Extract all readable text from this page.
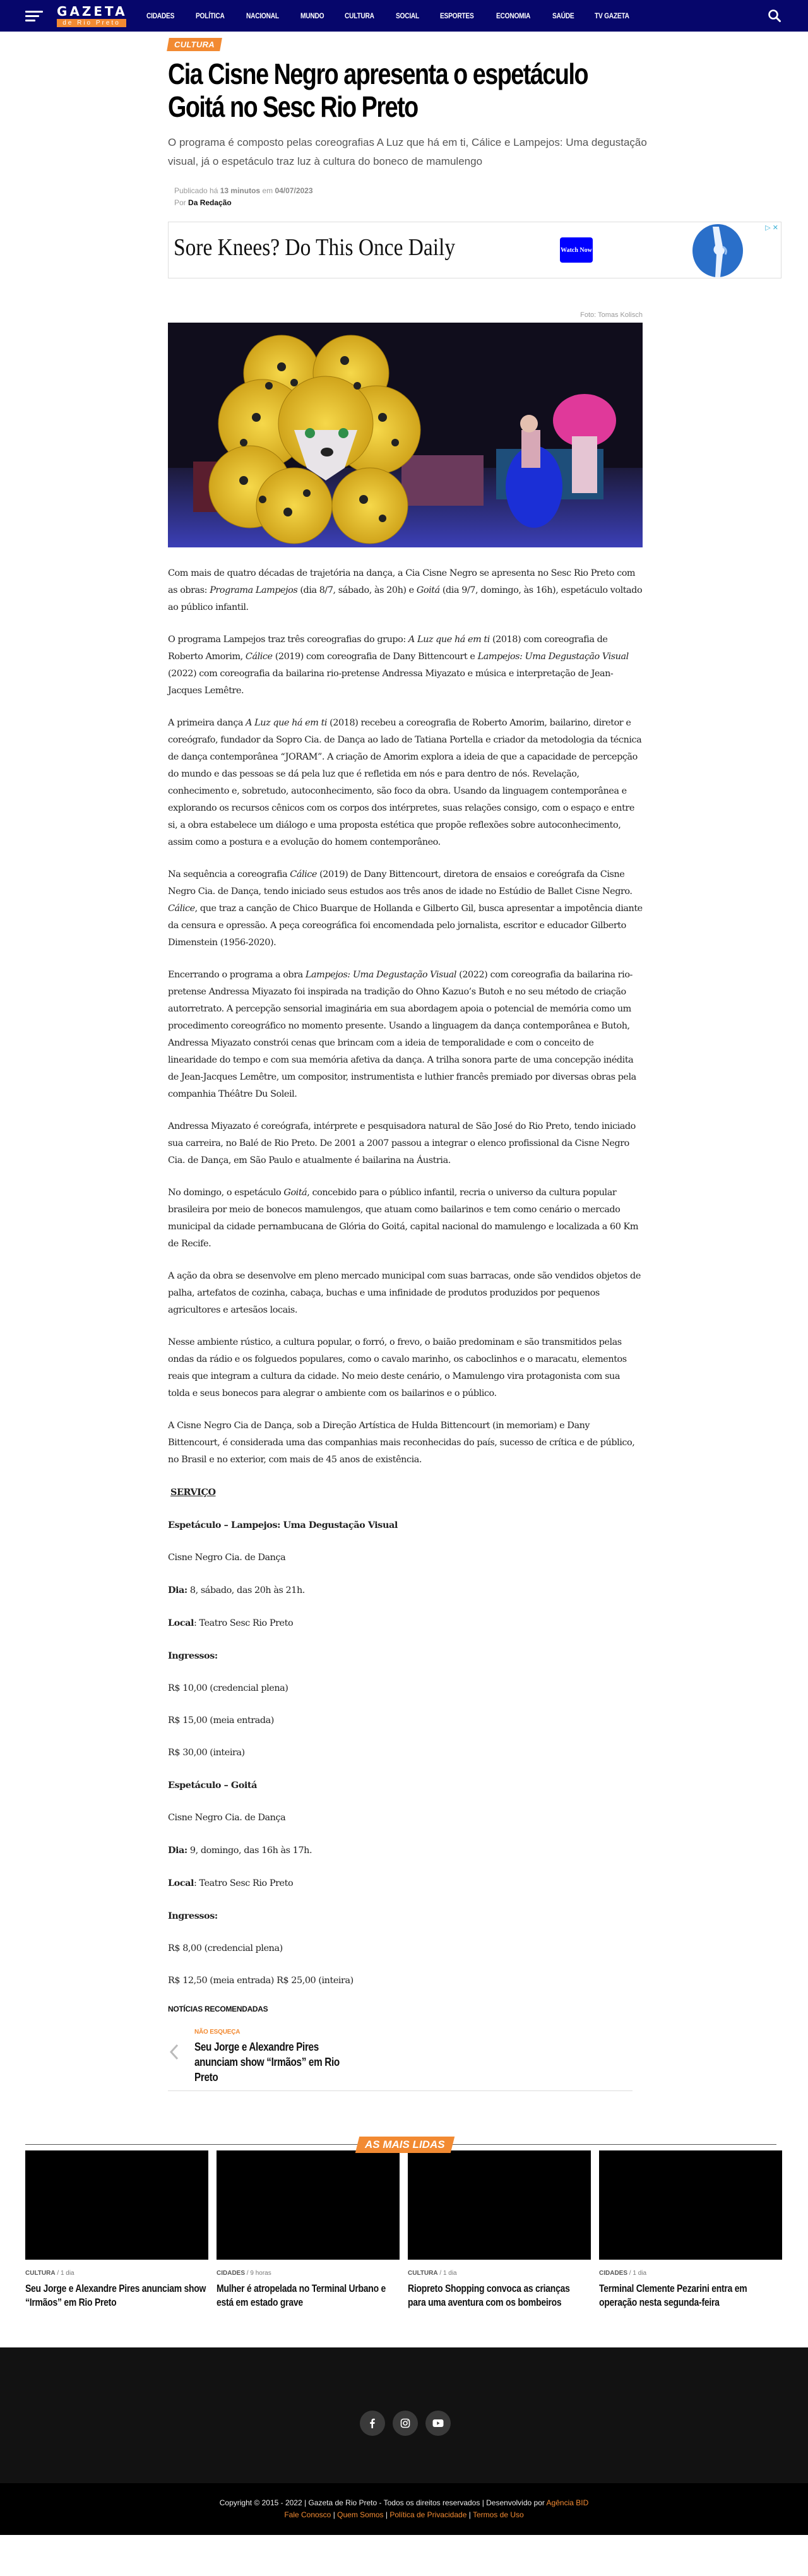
GAZETA
de Rio Preto
CIDADES	POLÍTICA	NACIONAL	MUNDO	CULTURA	SOCIAL	ESPORTES	ECONOMIA	SAÚDE	TV GAZETA
CULTURA
Cia Cisne Negro apresenta o espetáculo Goitá no Sesc Rio Preto

O programa é composto pelas coreografias A Luz que há em ti, Cálice e Lampejos: Uma degustação visual, já o espetáculo traz luz à cultura do boneco de mamulengo

Publicado há 13 minutos em 04/07/2023
Por Da Redação
Sore Knees? Do This Once Daily	Watch Now
▷ ✕
Foto: Tomas Kolisch

Com mais de quatro décadas de trajetória na dança, a Cia Cisne Negro se apresenta no Sesc Rio Preto com as obras: Programa Lampejos (dia 8/7, sábado, às 20h) e Goitá (dia 9/7, domingo, às 16h), espetáculo voltado ao público infantil.

O programa Lampejos traz três coreografias do grupo: A Luz que há em ti (2018) com coreografia de Roberto Amorim, Cálice (2019) com coreografia de Dany Bittencourt e Lampejos: Uma Degustação Visual (2022) com coreografia da bailarina rio-pretense Andressa Miyazato e música e interpretação de Jean-Jacques Lemêtre.

A primeira dança A Luz que há em ti (2018) recebeu a coreografia de Roberto Amorim, bailarino, diretor e coreógrafo, fundador da Sopro Cia. de Dança ao lado de Tatiana Portella e criador da metodologia da técnica de dança contemporânea “JORAM”. A criação de Amorim explora a ideia de que a capacidade de percepção do mundo e das pessoas se dá pela luz que é refletida em nós e para dentro de nós. Revelação, conhecimento e, sobretudo, autoconhecimento, são foco da obra. Usando da linguagem contemporânea e explorando os recursos cênicos com os corpos dos intérpretes, suas relações consigo, com o espaço e entre si, a obra estabelece um diálogo e uma proposta estética que propõe reflexões sobre autoconhecimento, assim como a postura e a evolução do homem contemporâneo.

Na sequência a coreografia Cálice (2019) de Dany Bittencourt, diretora de ensaios e coreógrafa da Cisne Negro Cia. de Dança, tendo iniciado seus estudos aos três anos de idade no Estúdio de Ballet Cisne Negro. Cálice, que traz a canção de Chico Buarque de Hollanda e Gilberto Gil, busca apresentar a impotência diante da censura e opressão. A peça coreográfica foi encomendada pelo jornalista, escritor e educador Gilberto Dimenstein (1956-2020).

Encerrando o programa a obra Lampejos: Uma Degustação Visual (2022) com coreografia da bailarina rio-pretense Andressa Miyazato foi inspirada na tradição do Ohno Kazuo’s Butoh e no seu método de criação autorretrato. A percepção sensorial imaginária em sua abordagem apoia o potencial de memória como um procedimento coreográfico no momento presente. Usando a linguagem da dança contemporânea e Butoh, Andressa Miyazato constrói cenas que brincam com a ideia de temporalidade e com o conceito de linearidade do tempo e com sua memória afetiva da dança. A trilha sonora parte de uma concepção inédita de Jean-Jacques Lemêtre, um compositor, instrumentista e luthier francês premiado por diversas obras pela companhia Théâtre Du Soleil.

Andressa Miyazato é coreógrafa, intérprete e pesquisadora natural de São José do Rio Preto, tendo iniciado sua carreira, no Balé de Rio Preto. De 2001 a 2007 passou a integrar o elenco profissional da Cisne Negro Cia. de Dança, em São Paulo e atualmente é bailarina na Áustria.

No domingo, o espetáculo Goitá, concebido para o público infantil, recria o universo da cultura popular brasileira por meio de bonecos mamulengos, que atuam como bailarinos e tem como cenário o mercado municipal da cidade pernambucana de Glória do Goitá, capital nacional do mamulengo e localizada a 60 Km de Recife.

A ação da obra se desenvolve em pleno mercado municipal com suas barracas, onde são vendidos objetos de palha, artefatos de cozinha, cabaça, buchas e uma infinidade de produtos produzidos por pequenos agricultores e artesãos locais.

Nesse ambiente rústico, a cultura popular, o forró, o frevo, o baião predominam e são transmitidos pelas ondas da rádio e os folguedos populares, como o cavalo marinho, os caboclinhos e o maracatu, elementos reais que integram a cultura da cidade. No meio deste cenário, o Mamulengo vira protagonista com sua tolda e seus bonecos para alegrar o ambiente com os bailarinos e o público.

A Cisne Negro Cia de Dança, sob a Direção Artística de Hulda Bittencourt (in memoriam) e Dany Bittencourt, é considerada uma das companhias mais reconhecidas do país, sucesso de crítica e de público, no Brasil e no exterior, com mais de 45 anos de existência.

SERVIÇO

Espetáculo – Lampejos: Uma Degustação Visual

Cisne Negro Cia. de Dança

Dia: 8, sábado, das 20h às 21h.

Local: Teatro Sesc Rio Preto

Ingressos:

R$ 10,00 (credencial plena)

R$ 15,00 (meia entrada)

R$ 30,00 (inteira)

Espetáculo – Goitá

Cisne Negro Cia. de Dança

Dia: 9, domingo, das 16h às 17h.

Local: Teatro Sesc Rio Preto

Ingressos:

R$ 8,00 (credencial plena)

R$ 12,50 (meia entrada) R$ 25,00 (inteira)

NOTÍCIAS RECOMENDADAS
NÃO ESQUEÇA
Seu Jorge e Alexandre Pires anunciam show “Irmãos” em Rio Preto
AS MAIS LIDAS
CULTURA / 1 dia
Seu Jorge e Alexandre Pires anunciam show “Irmãos” em Rio Preto
CIDADES / 9 horas
Mulher é atropelada no Terminal Urbano e está em estado grave
CULTURA / 1 dia
Riopreto Shopping convoca as crianças para uma aventura com os bombeiros
CIDADES / 1 dia
Terminal Clemente Pezarini entra em operação nesta segunda-feira
Copyright © 2015 - 2022 | Gazeta de Rio Preto - Todos os direitos reservados | Desenvolvido por Agência BID
Fale Conosco | Quem Somos | Política de Privacidade | Termos de Uso
